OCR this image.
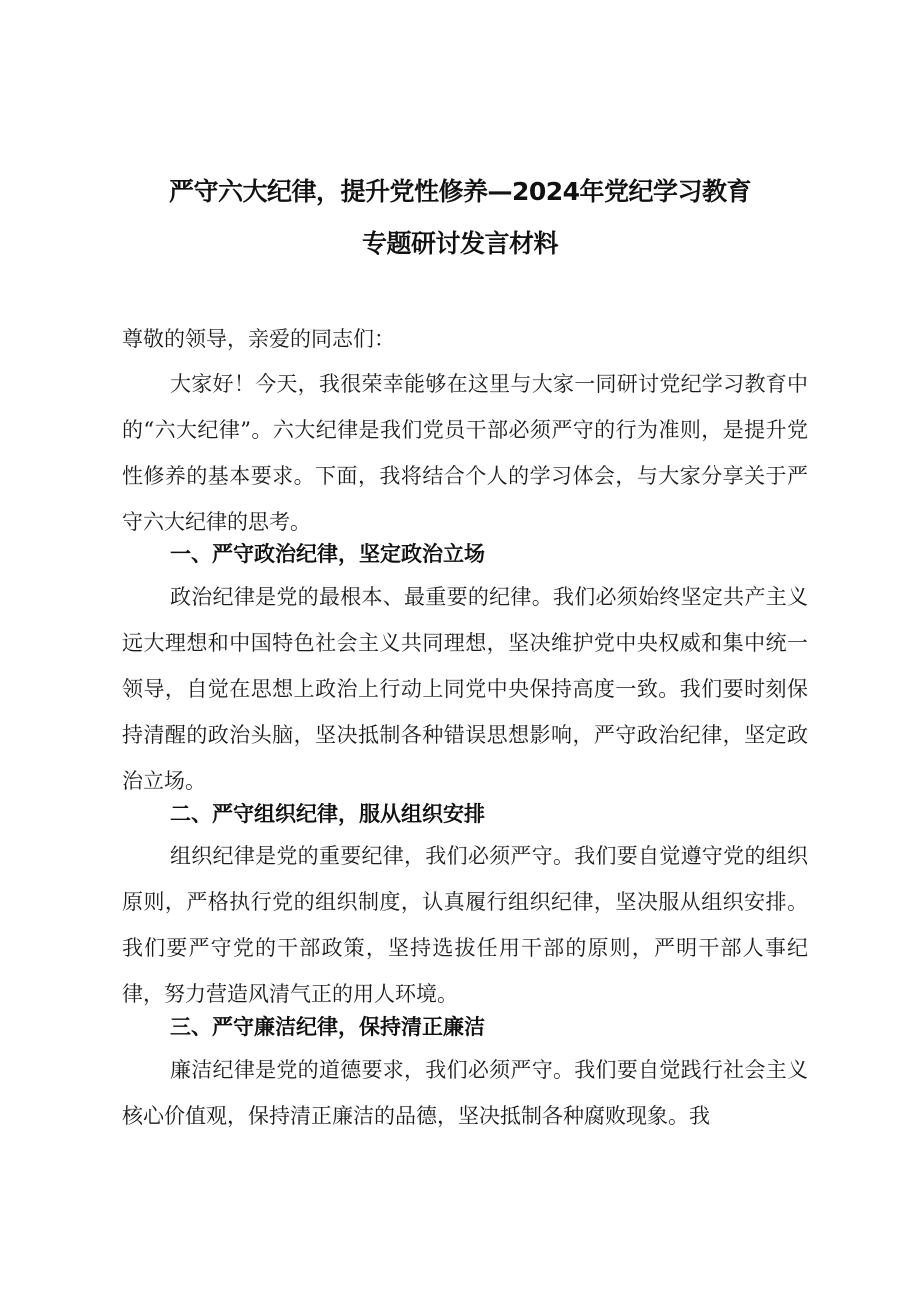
严守六大纪律，提升党性修养—2024年党纪学习教育
专题研讨发言材料

尊敬的领导，亲爱的同志们：

大家好！今天，我很荣幸能够在这里与大家一同研讨党纪学习教育中的“六大纪律”。六大纪律是我们党员干部必须严守的行为准则，是提升党性修养的基本要求。下面，我将结合个人的学习体会，与大家分享关于严守六大纪律的思考。

一、严守政治纪律，坚定政治立场

政治纪律是党的最根本、最重要的纪律。我们必须始终坚定共产主义远大理想和中国特色社会主义共同理想，坚决维护党中央权威和集中统一领导，自觉在思想上政治上行动上同党中央保持高度一致。我们要时刻保持清醒的政治头脑，坚决抵制各种错误思想影响，严守政治纪律，坚定政治立场。

二、严守组织纪律，服从组织安排

组织纪律是党的重要纪律，我们必须严守。我们要自觉遵守党的组织原则，严格执行党的组织制度，认真履行组织纪律，坚决服从组织安排。我们要严守党的干部政策，坚持选拔任用干部的原则，严明干部人事纪律，努力营造风清气正的用人环境。

三、严守廉洁纪律，保持清正廉洁

廉洁纪律是党的道德要求，我们必须严守。我们要自觉践行社会主义核心价值观，保持清正廉洁的品德，坚决抵制各种腐败现象。我
